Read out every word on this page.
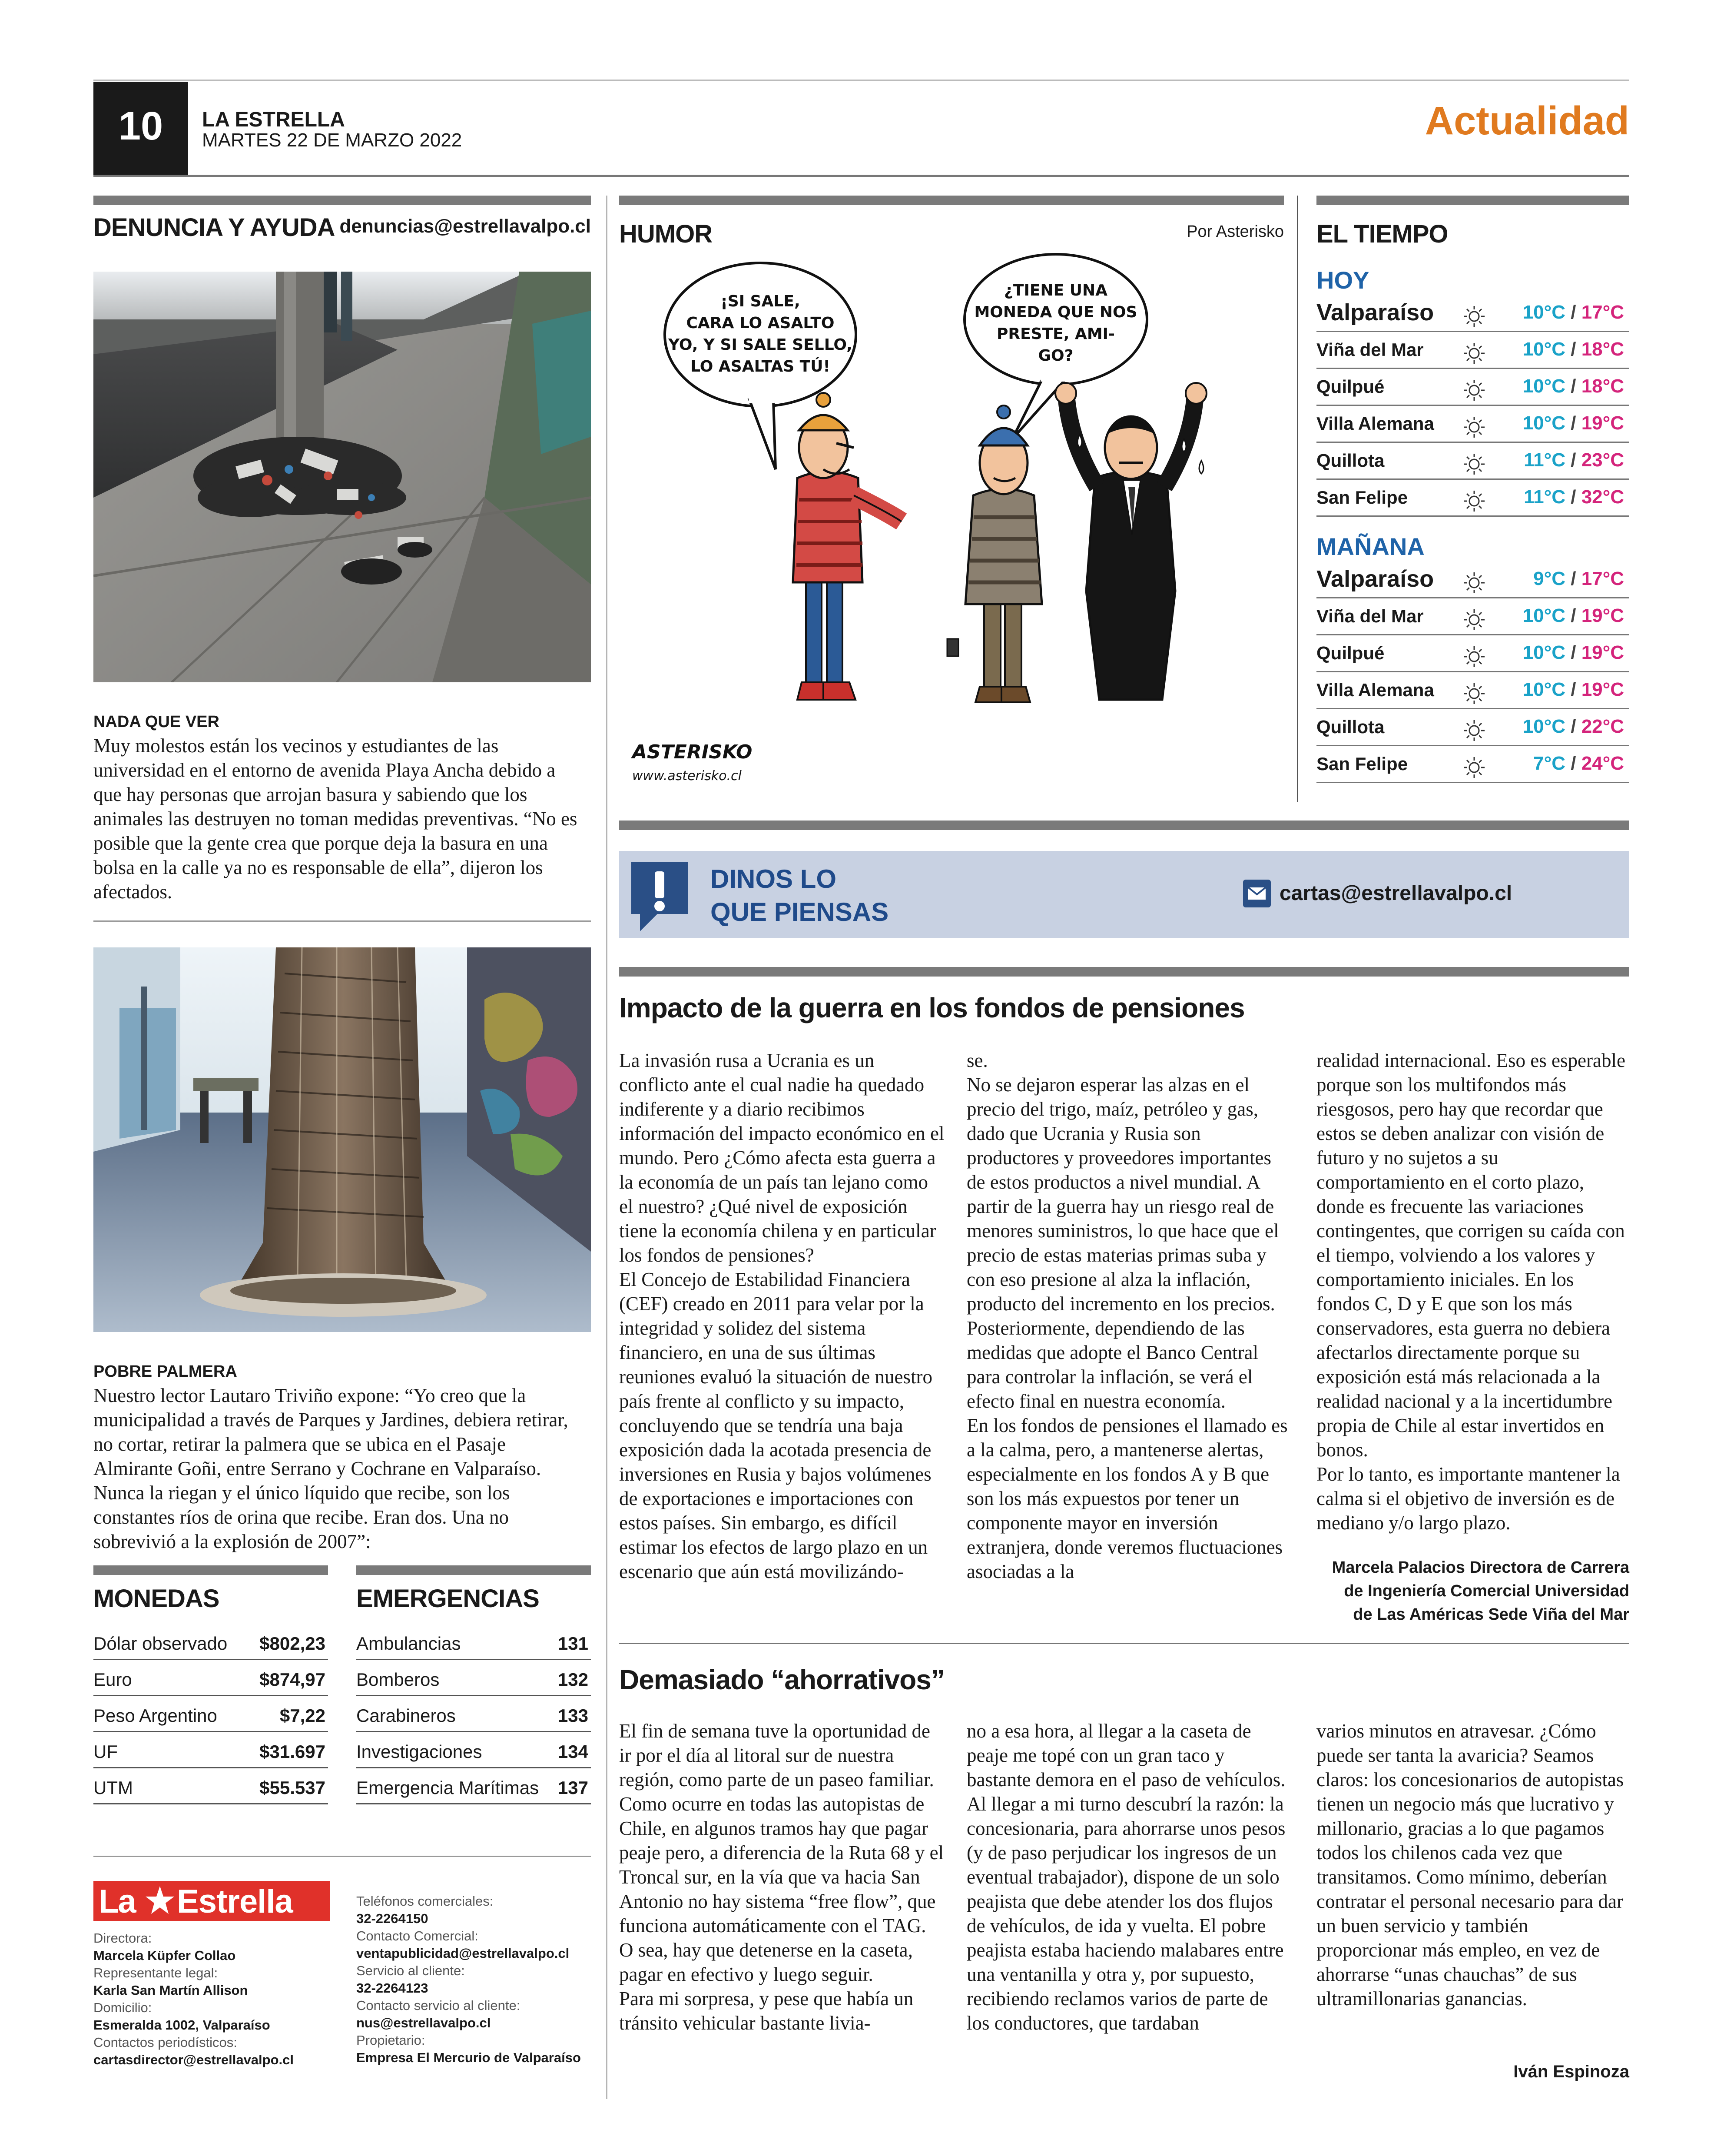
10	LA ESTRELLA
MARTES 22 DE MARZO 2022	Actualidad
DENUNCIA Y AYUDA denuncias@estrellavalpo.cl
NADA QUE VER
Muy molestos están los vecinos y estudiantes de las universidad en el entorno de avenida Playa Ancha debido a que hay personas que arrojan basura y sabiendo que los animales las destruyen no toman medidas preventivas. “No es posible que la gente crea que porque deja la basura en una bolsa en la calle ya no es responsable de ella”, dijeron los afectados.
POBRE PALMERA
Nuestro lector Lautaro Triviño expone: “Yo creo que la municipalidad a través de Parques y Jardines, debiera retirar, no cortar, retirar la palmera que se ubica en el Pasaje Almirante Goñi, entre Serrano y Cochrane en Valparaíso. Nunca la riegan y el único líquido que recibe, son los constantes ríos de orina que recibe. Eran dos. Una no sobrevivió a la explosión de 2007”:
MONEDAS
Dólar observado $802,23
Euro	$874,97
Peso Argentino	$7,22
UF	$31.697
UTM	$55.537
EMERGENCIAS
Ambulancias	131
Bomberos	132
Carabineros	133
Investigaciones	134
Emergencia Marítimas 137
La Estrella
Directora:
Marcela Küpfer Collao
Representante legal:
Karla San Martín Allison
Domicilio:
Esmeralda 1002, Valparaíso
Contactos periodísticos:
cartasdirector@estrellavalpo.cl
Teléfonos comerciales:
32-2264150
Contacto Comercial:
ventapublicidad@estrellavalpo.cl
Servicio al cliente:
32-2264123
Contacto servicio al cliente:
nus@estrellavalpo.cl
Propietario:
Empresa El Mercurio de Valparaíso
HUMOR	Por Asterisko
¡SI SALE,
CARA LO ASALTO
YO, Y SI SALE SELLO,
LO ASALTAS TÚ!
¿TIENE UNA
MONEDA QUE NOS
PRESTE, AMI-
GO?
ASTERISKO
www.asterisko.cl
EL TIEMPO
HOY
Valparaíso	10°C / 17°C
Viña del Mar	10°C / 18°C
Quilpué	10°C / 18°C
Villa Alemana	10°C / 19°C
Quillota	11°C / 23°C
San Felipe	11°C / 32°C
Valparaíso	9°C / 17°C
Viña del Mar	10°C / 19°C
Quilpué	10°C / 19°C
Villa Alemana	10°C / 19°C
Quillota	10°C / 22°C
San Felipe	7°C / 24°C
MAÑANA
DINOS LO
QUE PIENSAS
cartas@estrellavalpo.cl
Impacto de la guerra en los fondos de pensiones
La invasión rusa a Ucrania es un conflicto ante el cual nadie ha quedado indiferente y a diario recibimos información del impacto económico en el mundo. Pero ¿Cómo afecta esta guerra a la economía de un país tan lejano como el nuestro? ¿Qué nivel de exposición tiene la economía chilena y en particular los fondos de pensiones?
El Concejo de Estabilidad Financiera (CEF) creado en 2011 para velar por la integridad y solidez del sistema financiero, en una de sus últimas reuniones evaluó la situación de nuestro país frente al conflicto y su impacto, concluyendo que se tendría una baja exposición dada la acotada presencia de inversiones en Rusia y bajos volúmenes de exportaciones e importaciones con estos países. Sin embargo, es difícil estimar los efectos de largo plazo en un escenario que aún está movilizándo-
se.
No se dejaron esperar las alzas en el precio del trigo, maíz, petróleo y gas, dado que Ucrania y Rusia son productores y proveedores importantes de estos productos a nivel mundial. A partir de la guerra hay un riesgo real de menores suministros, lo que hace que el precio de estas materias primas suba y con eso presione al alza la inflación, producto del incremento en los precios. Posteriormente, dependiendo de las medidas que adopte el Banco Central para controlar la inflación, se verá el efecto final en nuestra economía.
En los fondos de pensiones el llamado es a la calma, pero, a mantenerse alertas, especialmente en los fondos A y B que son los más expuestos por tener un componente mayor en inversión extranjera, donde veremos fluctuaciones asociadas a la
realidad internacional. Eso es esperable porque son los multifondos más riesgosos, pero hay que recordar que estos se deben analizar con visión de futuro y no sujetos a su comportamiento en el corto plazo, donde es frecuente las variaciones contingentes, que corrigen su caída con el tiempo, volviendo a los valores y comportamiento iniciales. En los fondos C, D y E que son los más conservadores, esta guerra no debiera afectarlos directamente porque su exposición está más relacionada a la realidad nacional y a la incertidumbre propia de Chile al estar invertidos en bonos.
Por lo tanto, es importante mantener la calma si el objetivo de inversión es de mediano y/o largo plazo.
Marcela Palacios Directora de Carrera de Ingeniería Comercial Universidad de Las Américas Sede Viña del Mar
Demasiado “ahorrativos”
El fin de semana tuve la oportunidad de ir por el día al litoral sur de nuestra región, como parte de un paseo familiar. Como ocurre en todas las autopistas de Chile, en algunos tramos hay que pagar peaje pero, a diferencia de la Ruta 68 y el Troncal sur, en la vía que va hacia San Antonio no hay sistema “free flow”, que funciona automáticamente con el TAG. O sea, hay que detenerse en la caseta, pagar en efectivo y luego seguir.
Para mi sorpresa, y pese que había un tránsito vehicular bastante livia-
no a esa hora, al llegar a la caseta de peaje me topé con un gran taco y bastante demora en el paso de vehículos. Al llegar a mi turno descubrí la razón: la concesionaria, para ahorrarse unos pesos (y de paso perjudicar los ingresos de un eventual trabajador), dispone de un solo peajista que debe atender los dos flujos de vehículos, de ida y vuelta. El pobre peajista estaba haciendo malabares entre una ventanilla y otra y, por supuesto, recibiendo reclamos varios de parte de los conductores, que tardaban
varios minutos en atravesar. ¿Cómo puede ser tanta la avaricia? Seamos claros: los concesionarios de autopistas tienen un negocio más que lucrativo y millonario, gracias a lo que pagamos todos los chilenos cada vez que transitamos. Como mínimo, deberían contratar el personal necesario para dar un buen servicio y también proporcionar más empleo, en vez de ahorrarse “unas chauchas” de sus ultramillonarias ganancias.
Iván Espinoza
